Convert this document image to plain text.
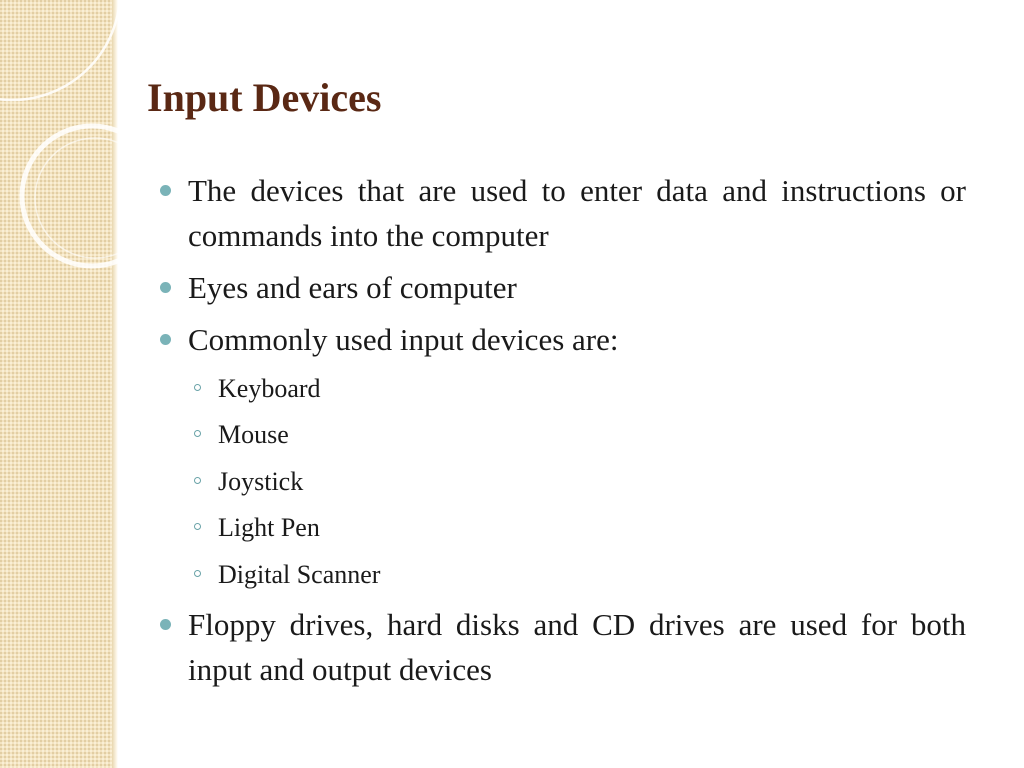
Input Devices
The devices that are used to enter data and instructions or commands into the computer
Eyes and ears of computer
Commonly used input devices are:
Keyboard
Mouse
Joystick
Light Pen
Digital Scanner
Floppy drives, hard disks and CD drives are used for both input and output devices
